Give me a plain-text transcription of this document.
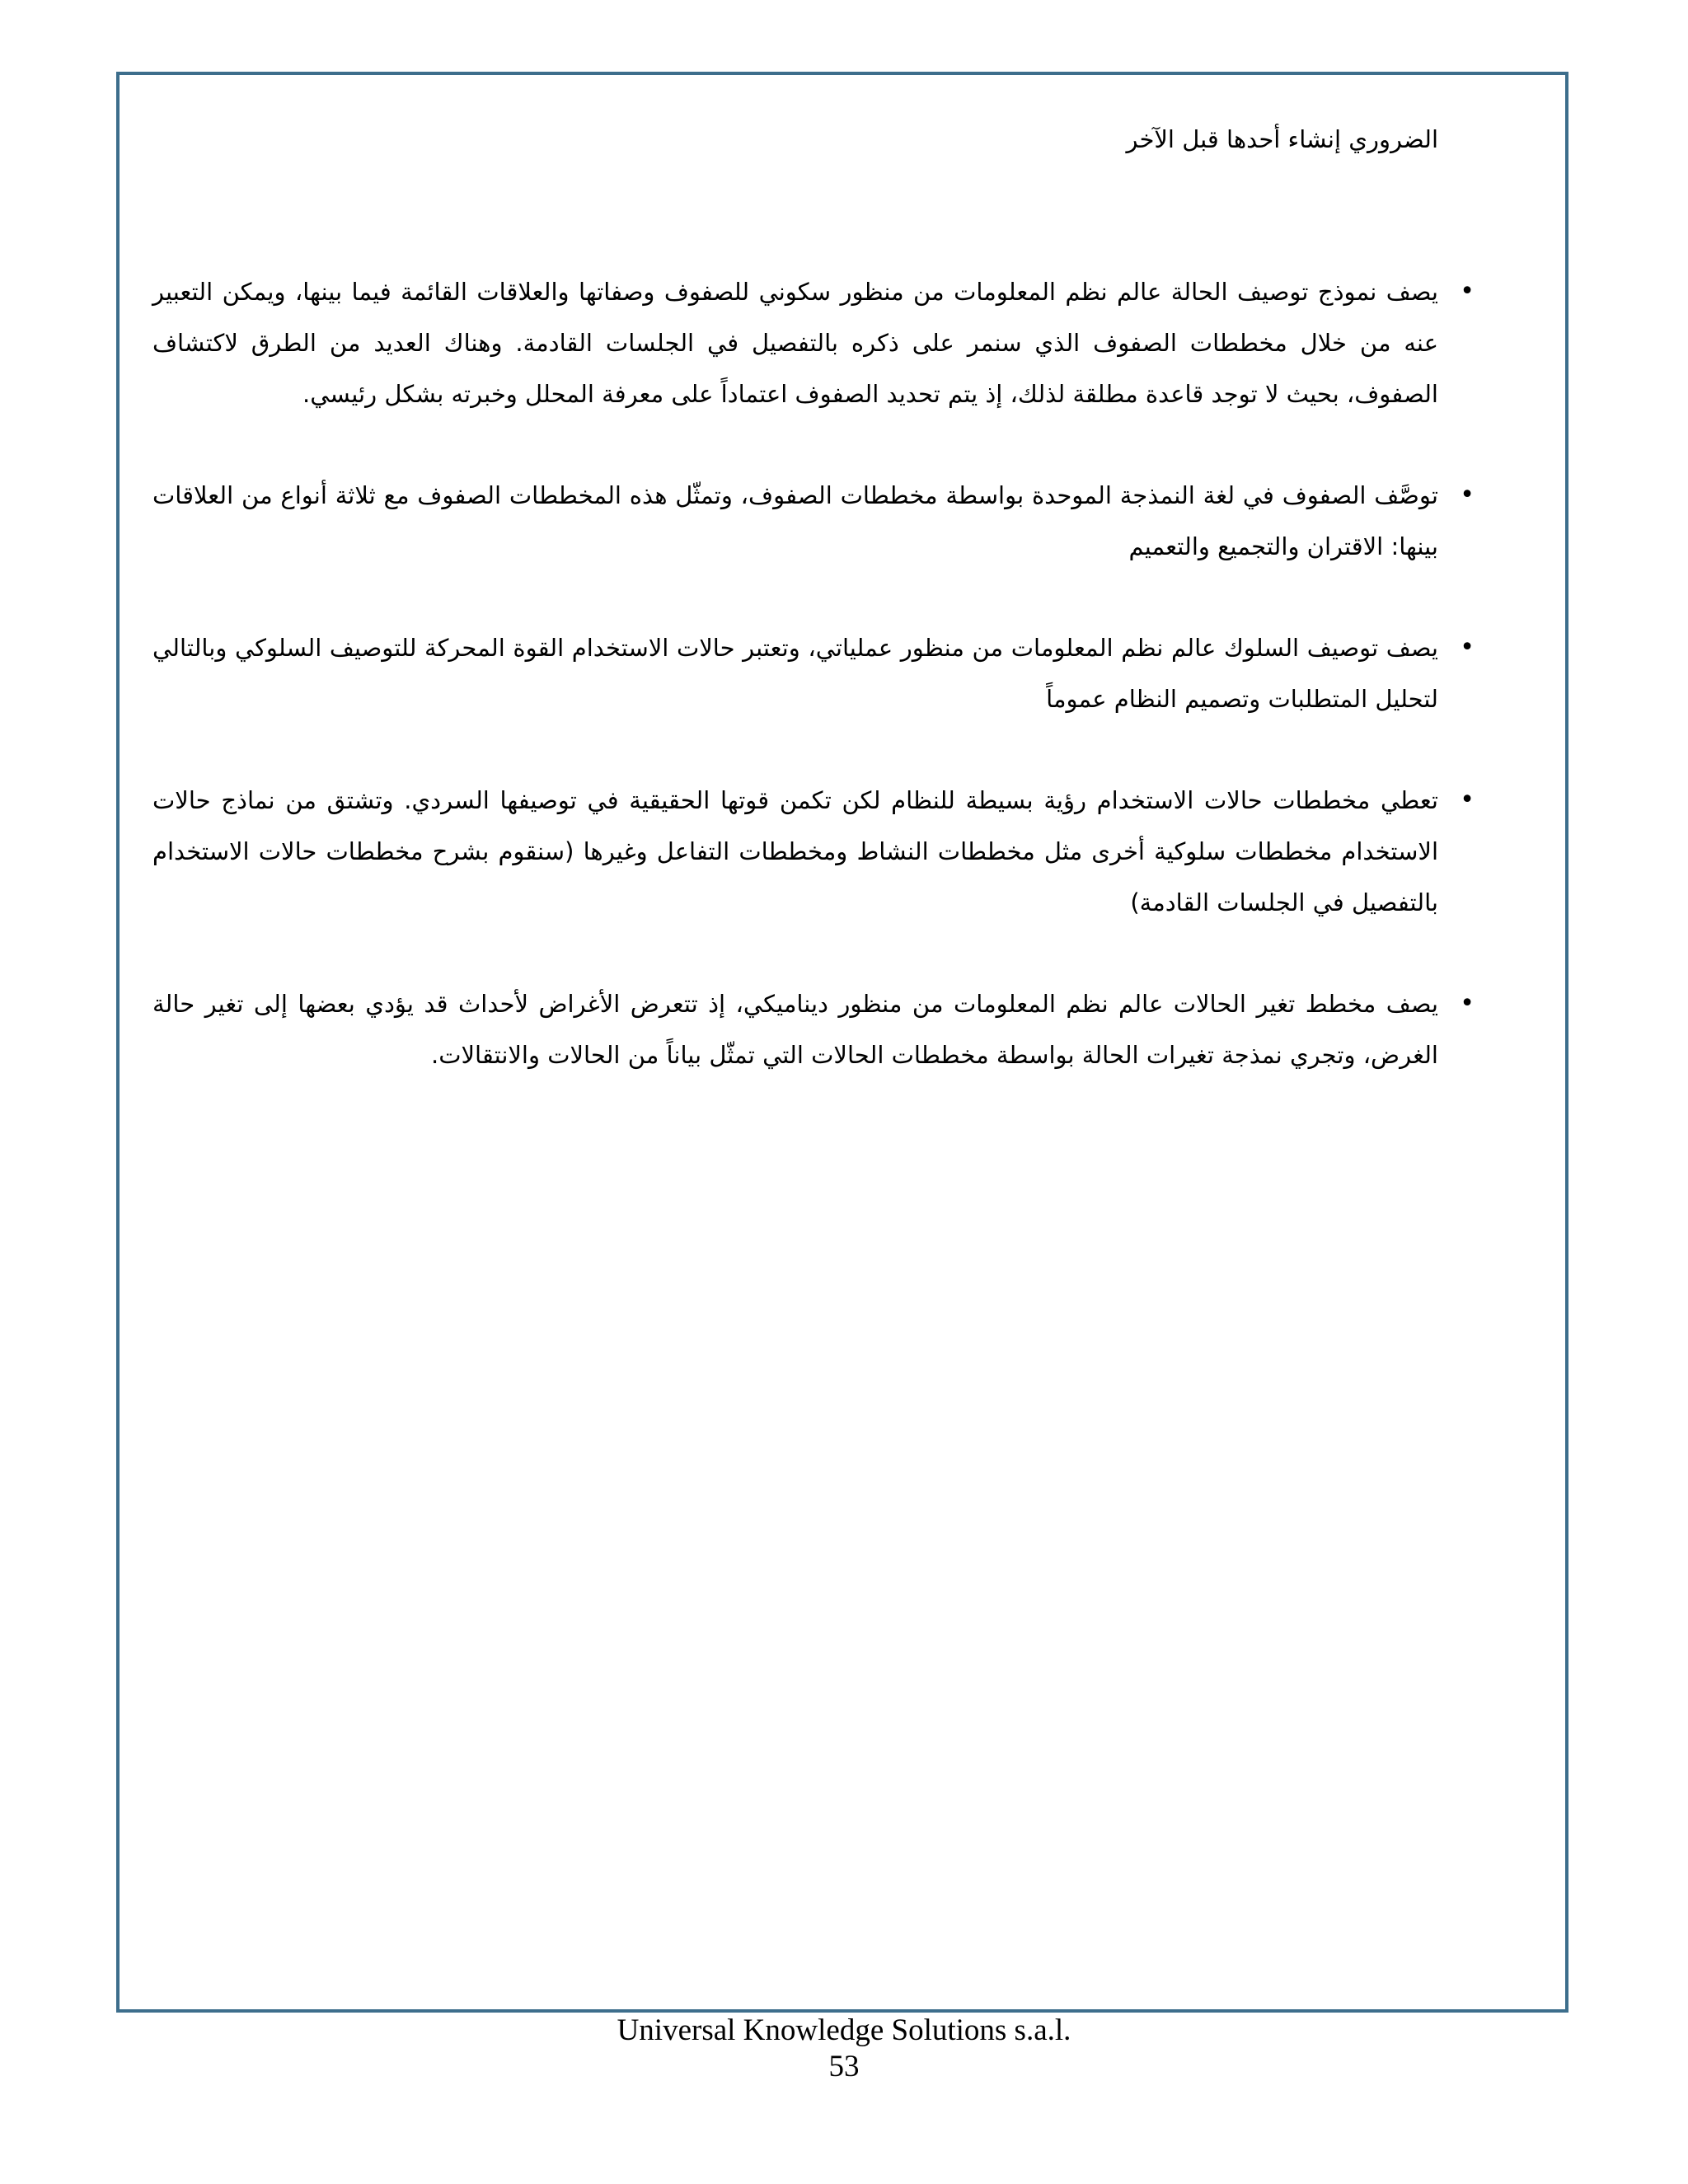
الضروري إنشاء أحدها قبل الآخر

•
يصف نموذج توصيف الحالة عالم نظم المعلومات من منظور سكوني للصفوف وصفاتها والعلاقات القائمة فيما بينها، ويمكن التعبير عنه من خلال مخططات الصفوف الذي سنمر على ذكره بالتفصيل في الجلسات القادمة. وهناك العديد من الطرق لاكتشاف الصفوف، بحيث لا توجد قاعدة مطلقة لذلك، إذ يتم تحديد الصفوف اعتماداً على معرفة المحلل وخبرته بشكل رئيسي.
•
توصَّف الصفوف في لغة النمذجة الموحدة بواسطة مخططات الصفوف، وتمثّل هذه المخططات الصفوف مع ثلاثة أنواع من العلاقات بينها: الاقتران والتجميع والتعميم
•
يصف توصيف السلوك عالم نظم المعلومات من منظور عملياتي، وتعتبر حالات الاستخدام القوة المحركة للتوصيف السلوكي وبالتالي لتحليل المتطلبات وتصميم النظام عموماً
•
تعطي مخططات حالات الاستخدام رؤية بسيطة للنظام لكن تكمن قوتها الحقيقية في توصيفها السردي. وتشتق من نماذج حالات الاستخدام مخططات سلوكية أخرى مثل مخططات النشاط ومخططات التفاعل وغيرها (سنقوم بشرح مخططات حالات الاستخدام بالتفصيل في الجلسات القادمة)
•
يصف مخطط تغير الحالات عالم نظم المعلومات من منظور ديناميكي، إذ تتعرض الأغراض لأحداث قد يؤدي بعضها إلى تغير حالة الغرض، وتجري نمذجة تغيرات الحالة بواسطة مخططات الحالات التي تمثّل بياناً من الحالات والانتقالات.
Universal Knowledge Solutions s.a.l.
53
